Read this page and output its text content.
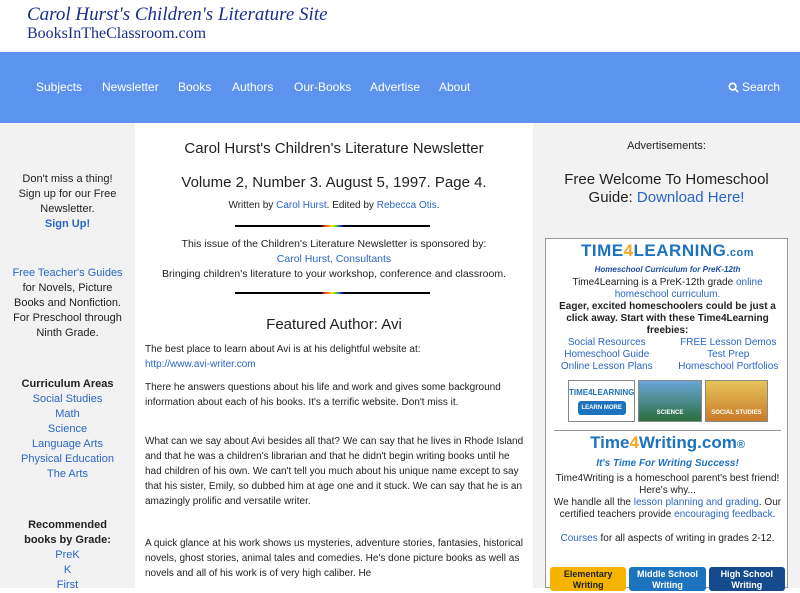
Carol Hurst's Children's Literature Site
BooksInTheClassroom.com
Subjects Newsletter Books Authors Our-Books Advertise About	Search
Don't miss a thing!
Sign up for our Free
Newsletter.
Sign Up!
Free Teacher's Guides
for Novels, Picture
Books and Nonfiction.
For Preschool through
Ninth Grade.
Curriculum Areas
Social Studies
Math
Science
Language Arts
Physical Education
The Arts
Recommended
books by Grade:
PreK
K
First
Carol Hurst's Children's Literature Newsletter
Volume 2, Number 3. August 5, 1997. Page 4.
Written by Carol Hurst. Edited by Rebecca Otis.
This issue of the Children's Literature Newsletter is sponsored by:
Carol Hurst, Consultants
Bringing children's literature to your workshop, conference and classroom.
Featured Author: Avi
The best place to learn about Avi is at his delightful website at:
http://www.avi-writer.com
There he answers questions about his life and work and gives some background information about each of his books. It's a terrific website. Don't miss it.
What can we say about Avi besides all that? We can say that he lives in Rhode Island and that he was a children's librarian and that he didn't begin writing books until he had children of his own. We can't tell you much about his unique name except to say that his sister, Emily, so dubbed him at age one and it stuck. We can say that he is an amazingly prolific and versatile writer.
A quick glance at his work shows us mysteries, adventure stories, fantasies, historical novels, ghost stories, animal tales and comedies. He's done picture books as well as novels and all of his work is of very high caliber. He
Advertisements:
Free Welcome To Homeschool
Guide: Download Here!
TIME4LEARNING.com
Homeschool Curriculum for PreK-12th
Time4Learning is a PreK-12th grade online homeschool curriculum.
Eager, excited homeschoolers could be just a click away. Start with these Time4Learning freebies:
Social Resources	FREE Lesson Demos
Homeschool Guide	Test Prep
Online Lesson Plans	Homeschool Portfolios
TIME4LEARNING
LEARN MORE
SCIENCE	SOCIAL STUDIES
Time4Writing.com®
It's Time For Writing Success!
Time4Writing is a homeschool parent's best friend! Here's why...
We handle all the lesson planning and grading. Our certified teachers provide encouraging feedback.
Courses for all aspects of writing in grades 2-12.
Elementary Writing
Middle School Writing
High School Writing
